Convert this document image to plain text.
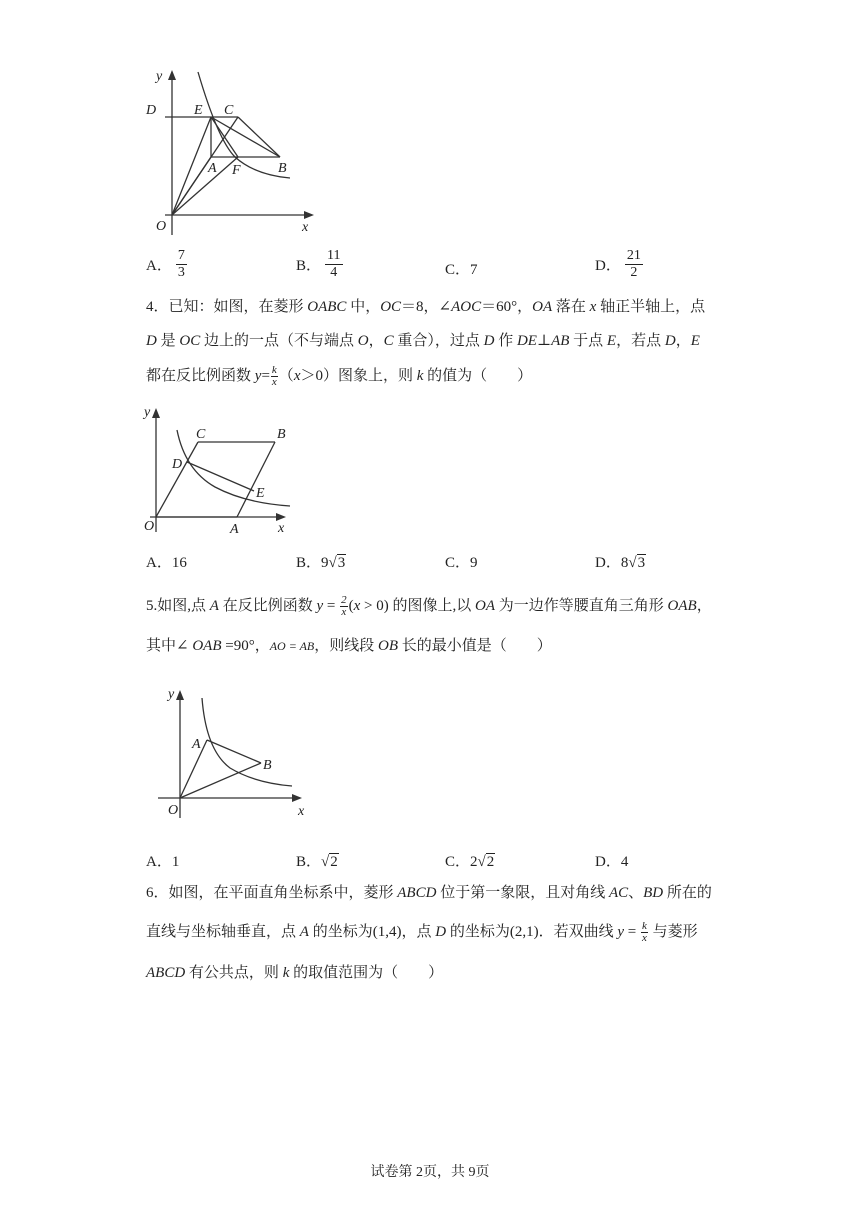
y
D	E C
A F	B
O	x
A． $\frac{7}{3}$	B． $\frac{11}{4}$	C．7	D． $\frac{21}{2}$
4．已知：如图，在菱形 OABC 中，OC＝8，∠AOC＝60°，OA 落在 x 轴正半轴上，点
D 是 OC 边上的一点（不与端点 O，C 重合），过点 D 作 DE⊥AB 于点 E，若点 D，E
都在反比例函数 $y= \frac{k}{x} (x>0)$图象上，则 k 的值为（　　）
y
C	B
D
E
O	A	x
A．16	B．9√3	C．9	D．8√3
5.如图,点 A 在反比例函数 $y = \frac{2}{x} (x > 0)$ 的图像上,以 OA 为一边作等腰直角三角形 OAB，
其中∠ OAB =90°，AO = AB，则线段 OB 长的最小值是（　　）
y
A
B
O	x
A．1	B．√2	C．2√2	D．4
6．如图，在平面直角坐标系中，菱形 ABCD 位于第一象限，且对角线 AC、BD 所在的
直线与坐标轴垂直，点 A 的坐标为(1,4)，点 D 的坐标为(2,1)．若双曲线 $y = \frac{k}{x}$ 与菱形
ABCD 有公共点，则 k 的取值范围为（　　）
试卷第 2页，共 9页
